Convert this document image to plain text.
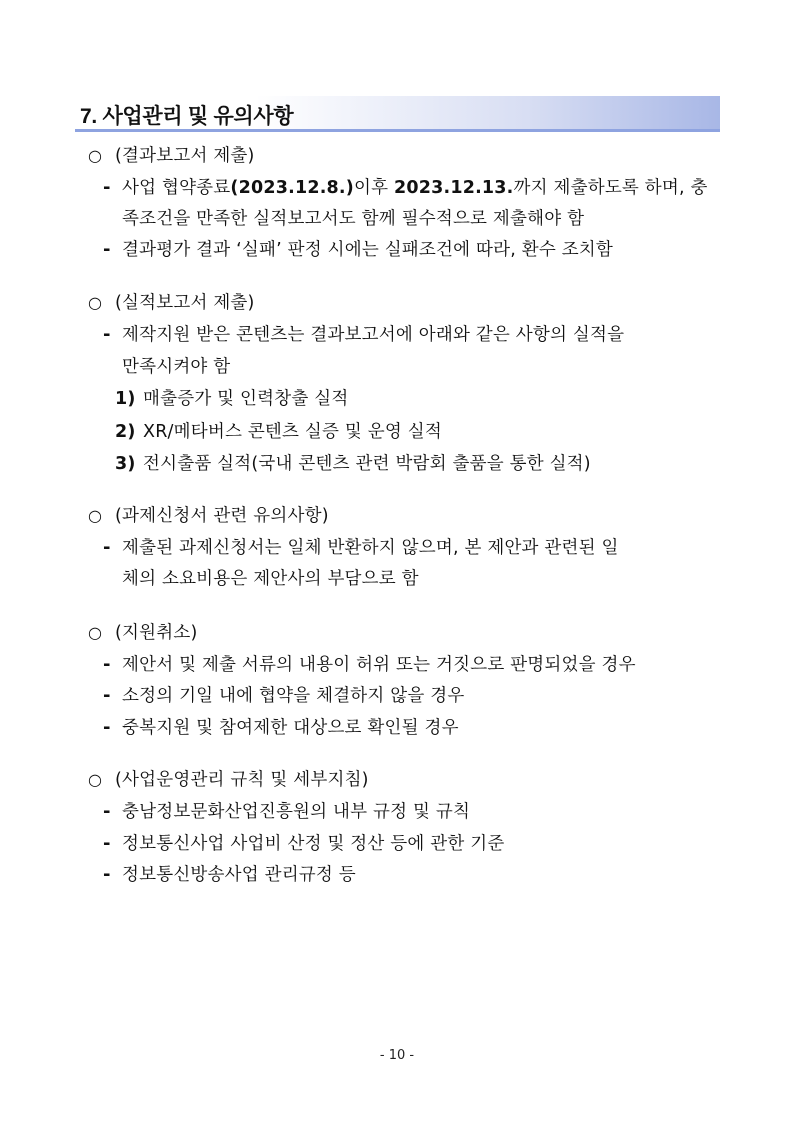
7. 사업관리 및 유의사항
○ (결과보고서 제출)
- 사업 협약종료(2023.12.8.)이후 2023.12.13.까지 제출하도록 하며, 충
족조건을 만족한 실적보고서도 함께 필수적으로 제출해야 함
- 결과평가 결과 ‘실패’ 판정 시에는 실패조건에 따라, 환수 조치함
○ (실적보고서 제출)
- 제작지원 받은 콘텐츠는 결과보고서에 아래와 같은 사항의 실적을
만족시켜야 함
1) 매출증가 및 인력창출 실적
2) XR/메타버스 콘텐츠 실증 및 운영 실적
3) 전시출품 실적(국내 콘텐츠 관련 박람회 출품을 통한 실적)
○ (과제신청서 관련 유의사항)
- 제출된 과제신청서는 일체 반환하지 않으며, 본 제안과 관련된 일
체의 소요비용은 제안사의 부담으로 함
○ (지원취소)
- 제안서 및 제출 서류의 내용이 허위 또는 거짓으로 판명되었을 경우
- 소정의 기일 내에 협약을 체결하지 않을 경우
- 중복지원 및 참여제한 대상으로 확인될 경우
○ (사업운영관리 규칙 및 세부지침)
- 충남정보문화산업진흥원의 내부 규정 및 규칙
- 정보통신사업 사업비 산정 및 정산 등에 관한 기준
- 정보통신방송사업 관리규정 등
- 10 -
